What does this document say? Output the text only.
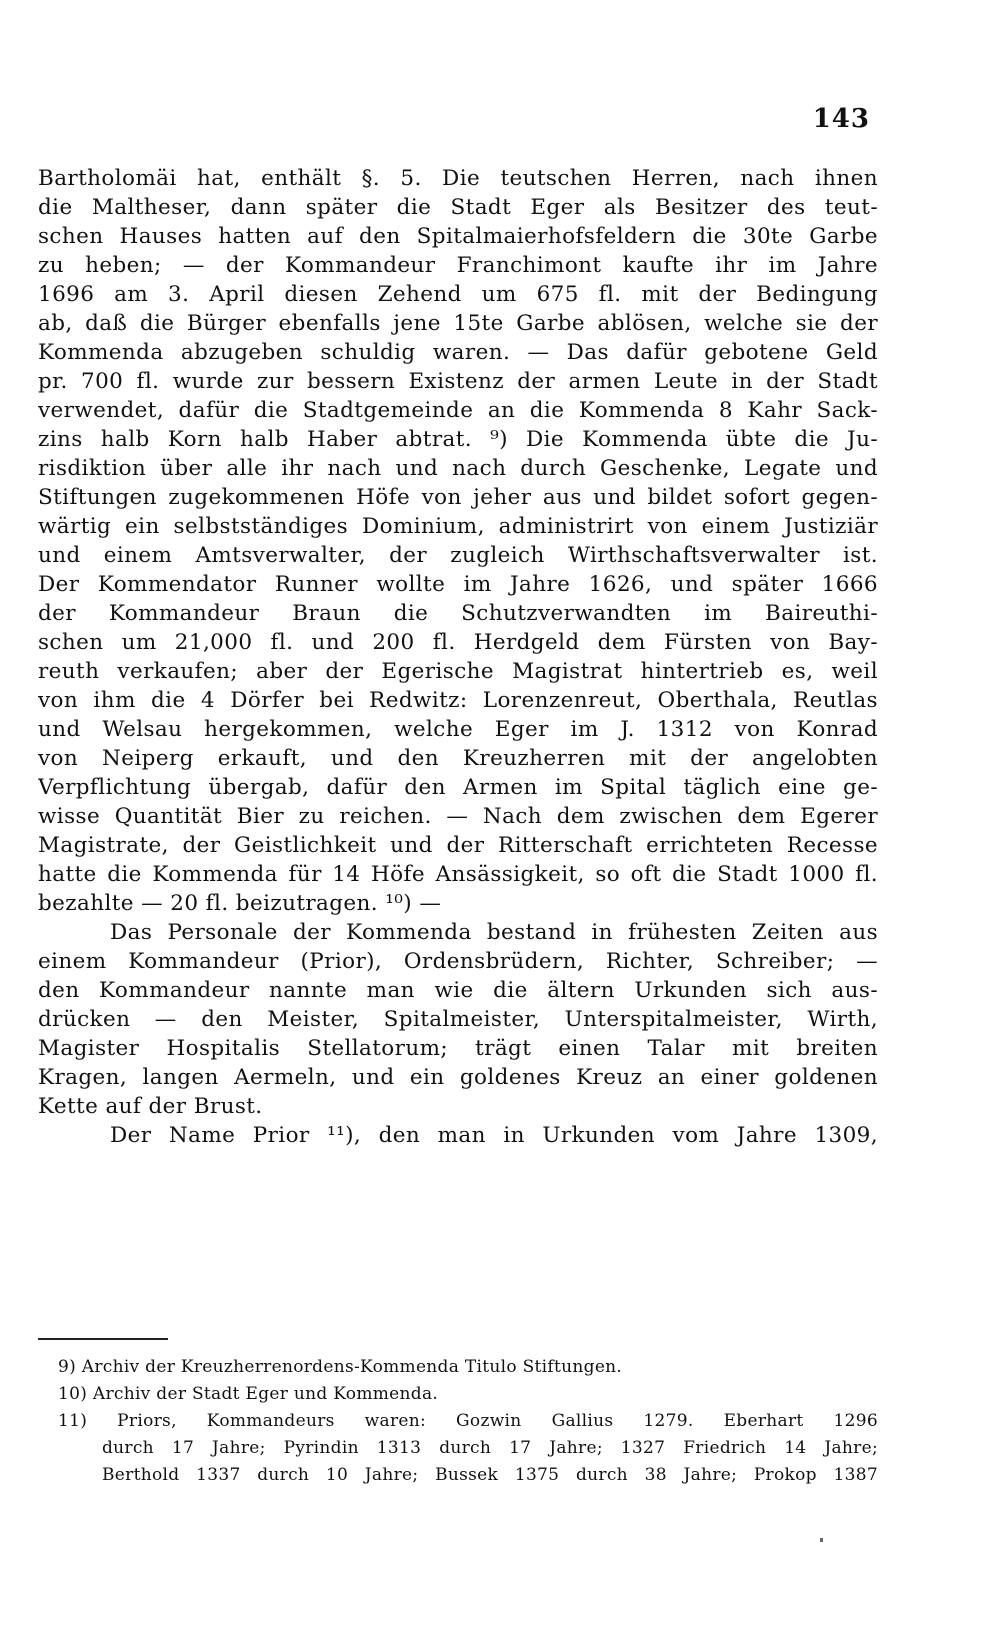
143
Bartholomäi hat, enthält §. 5. Die teutschen Herren, nach ihnen
die Maltheser, dann später die Stadt Eger als Besitzer des teut-
schen Hauses hatten auf den Spitalmaierhofsfeldern die 30te Garbe
zu heben; — der Kommandeur Franchimont kaufte ihr im Jahre
1696 am 3. April diesen Zehend um 675 fl. mit der Bedingung
ab, daß die Bürger ebenfalls jene 15te Garbe ablösen, welche sie der
Kommenda abzugeben schuldig waren. — Das dafür gebotene Geld
pr. 700 fl. wurde zur bessern Existenz der armen Leute in der Stadt
verwendet, dafür die Stadtgemeinde an die Kommenda 8 Kahr Sack-
zins halb Korn halb Haber abtrat. ⁹) Die Kommenda übte die Ju-
risdiktion über alle ihr nach und nach durch Geschenke, Legate und
Stiftungen zugekommenen Höfe von jeher aus und bildet sofort gegen-
wärtig ein selbstständiges Dominium, administrirt von einem Justiziär
und einem Amtsverwalter, der zugleich Wirthschaftsverwalter ist.
Der Kommendator Runner wollte im Jahre 1626, und später 1666
der Kommandeur Braun die Schutzverwandten im Baireuthi-
schen um 21,000 fl. und 200 fl. Herdgeld dem Fürsten von Bay-
reuth verkaufen; aber der Egerische Magistrat hintertrieb es, weil
von ihm die 4 Dörfer bei Redwitz: Lorenzenreut, Oberthala, Reutlas
und Welsau hergekommen, welche Eger im J. 1312 von Konrad
von Neiperg erkauft, und den Kreuzherren mit der angelobten
Verpflichtung übergab, dafür den Armen im Spital täglich eine ge-
wisse Quantität Bier zu reichen. — Nach dem zwischen dem Egerer
Magistrate, der Geistlichkeit und der Ritterschaft errichteten Recesse
hatte die Kommenda für 14 Höfe Ansässigkeit, so oft die Stadt 1000 fl.
bezahlte — 20 fl. beizutragen. ¹⁰) —
Das Personale der Kommenda bestand in frühesten Zeiten aus
einem Kommandeur (Prior), Ordensbrüdern, Richter, Schreiber; —
den Kommandeur nannte man wie die ältern Urkunden sich aus-
drücken — den Meister, Spitalmeister, Unterspitalmeister, Wirth,
Magister Hospitalis Stellatorum; trägt einen Talar mit breiten
Kragen, langen Aermeln, und ein goldenes Kreuz an einer goldenen
Kette auf der Brust.
Der Name Prior ¹¹), den man in Urkunden vom Jahre 1309,
9) Archiv der Kreuzherrenordens-Kommenda Titulo Stiftungen.
10) Archiv der Stadt Eger und Kommenda.
11) Priors, Kommandeurs waren: Gozwin Gallius 1279. Eberhart 1296
durch 17 Jahre; Pyrindin 1313 durch 17 Jahre; 1327 Friedrich 14 Jahre;
Berthold 1337 durch 10 Jahre; Bussek 1375 durch 38 Jahre; Prokop 1387
